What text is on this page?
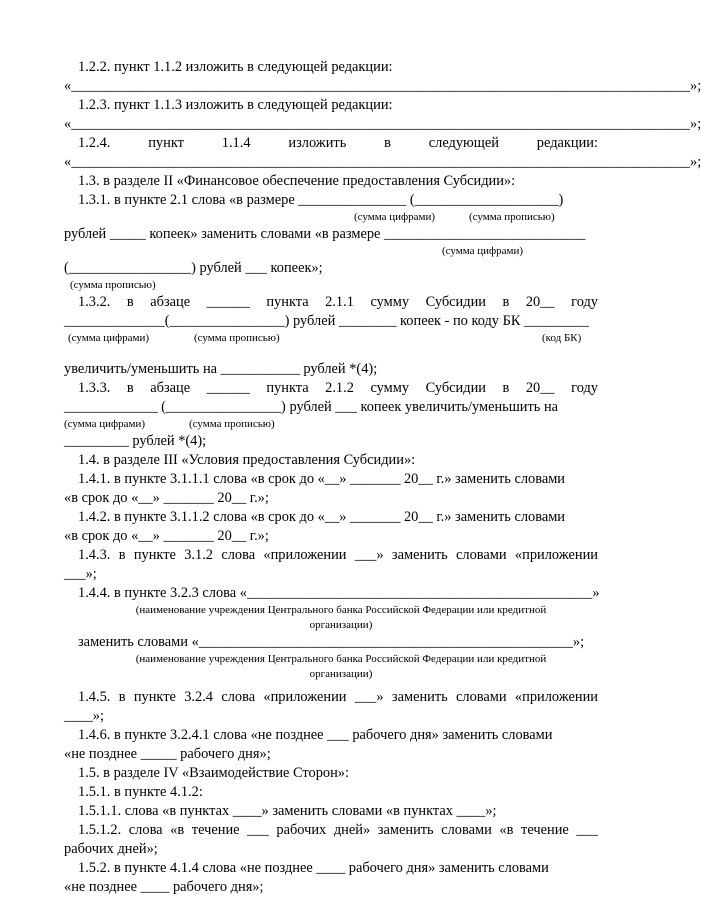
1.2.2. пункт 1.1.2 изложить в следующей редакции:
«______________________________________________________________________________________»;
1.2.3. пункт 1.1.3 изложить в следующей редакции:
«______________________________________________________________________________________»;
1.2.4. пункт 1.1.4 изложить в следующей редакции:
«______________________________________________________________________________________»;
1.3. в разделе II «Финансовое обеспечение предоставления Субсидии»:
1.3.1. в пункте 2.1 слова «в размере _______________ (____________________)
(сумма цифрами)	(сумма прописью)
рублей _____ копеек» заменить словами «в размере ____________________________
(сумма цифрами)
(_________________) рублей ___ копеек»;
(сумма прописью)
1.3.2. в абзаце ______ пункта 2.1.1 сумму Субсидии в 20__ году
______________(________________) рублей ________ копеек - по коду БК _________
(сумма цифрами)	(сумма прописью)	(код БК)
увеличить/уменьшить на ___________ рублей *(4);
1.3.3. в абзаце ______ пункта 2.1.2 сумму Субсидии в 20__ году
_____________ (________________) рублей ___ копеек увеличить/уменьшить на
(сумма цифрами)	(сумма прописью)
_________ рублей *(4);
1.4. в разделе III «Условия предоставления Субсидии»:
1.4.1. в пункте 3.1.1.1 слова «в срок до «__» _______ 20__ г.» заменить словами
«в срок до «__» _______ 20__ г.»;
1.4.2. в пункте 3.1.1.2 слова «в срок до «__» _______ 20__ г.» заменить словами
«в срок до «__» _______ 20__ г.»;
1.4.3. в пункте 3.1.2 слова «приложении ___» заменить словами «приложении
___»;
1.4.4. в пункте 3.2.3 слова «________________________________________________»
(наименование учреждения Центрального банка Российской Федерации или кредитной организации)
заменить словами «____________________________________________________»;
(наименование учреждения Центрального банка Российской Федерации или кредитной организации)
1.4.5. в пункте 3.2.4 слова «приложении ___» заменить словами «приложении
____»;
1.4.6. в пункте 3.2.4.1 слова «не позднее ___ рабочего дня» заменить словами
«не позднее _____ рабочего дня»;
1.5. в разделе IV «Взаимодействие Сторон»:
1.5.1. в пункте 4.1.2:
1.5.1.1. слова «в пунктах ____» заменить словами «в пунктах ____»;
1.5.1.2. слова «в течение ___ рабочих дней» заменить словами «в течение ___
рабочих дней»;
1.5.2. в пункте 4.1.4 слова «не позднее ____ рабочего дня» заменить словами
«не позднее ____ рабочего дня»;
